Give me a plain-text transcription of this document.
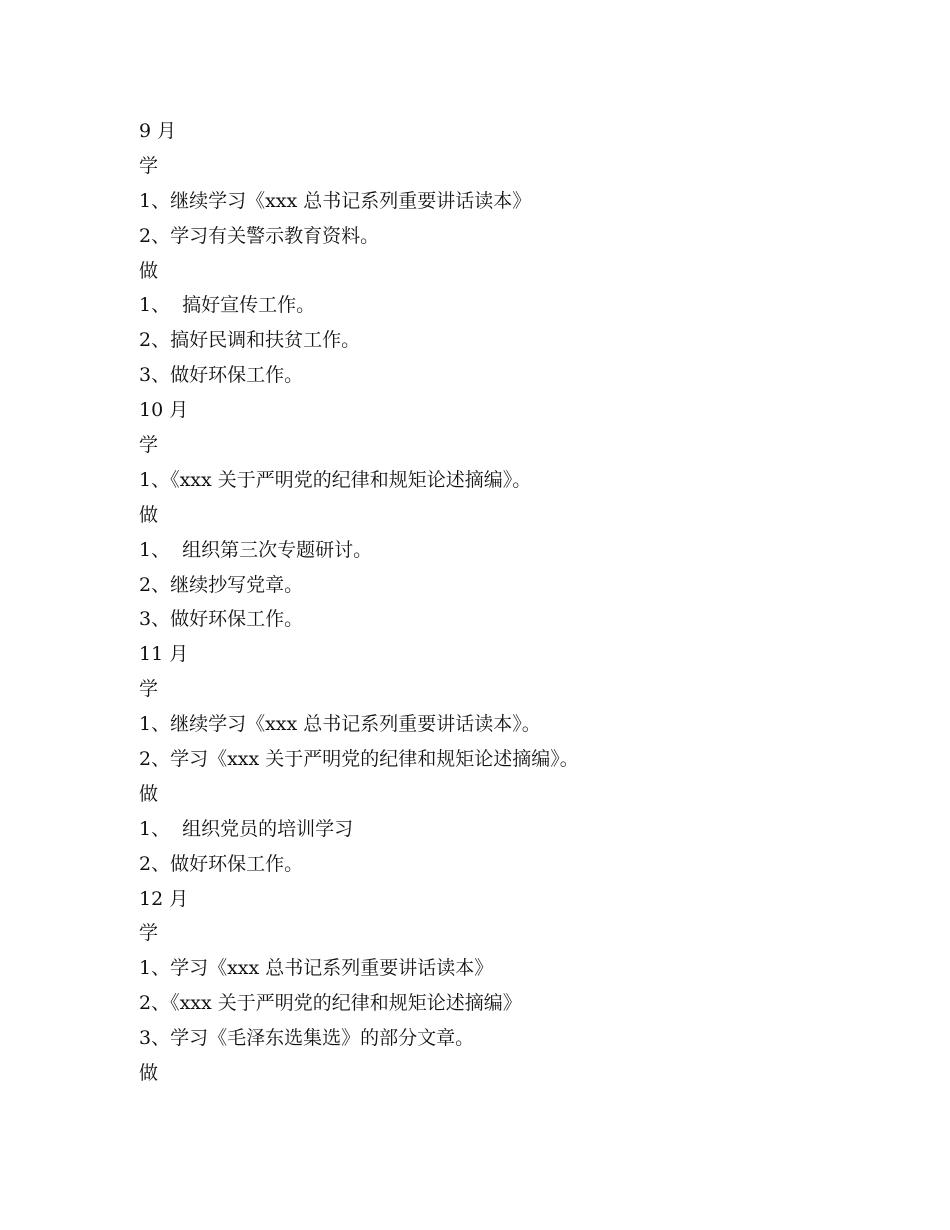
9 月
学
1、继续学习《xxx 总书记系列重要讲话读本》
2、学习有关警示教育资料。
做
1、  搞好宣传工作。
2、搞好民调和扶贫工作。
3、做好环保工作。
10 月
学
1、《xxx 关于严明党的纪律和规矩论述摘编》。
做
1、  组织第三次专题研讨。
2、继续抄写党章。
3、做好环保工作。
11 月
学
1、继续学习《xxx 总书记系列重要讲话读本》。
2、学习《xxx 关于严明党的纪律和规矩论述摘编》。
做
1、  组织党员的培训学习
2、做好环保工作。
12 月
学
1、学习《xxx 总书记系列重要讲话读本》
2、《xxx 关于严明党的纪律和规矩论述摘编》
3、学习《毛泽东选集选》的部分文章。
做
